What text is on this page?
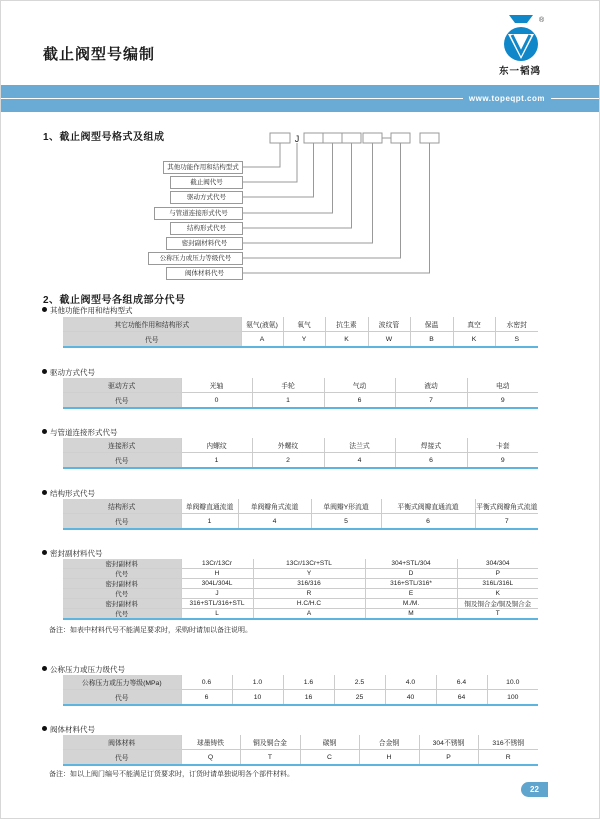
截止阀型号编制
®
东一韬鸿
www.topeqpt.com
1、截止阀型号格式及组成	J
其他功能作用和结构型式
截止阀代号
驱动方式代号
与管道连接形式代号
结构形式代号
密封副材料代号
公称压力或压力等级代号
阀体材料代号
2、截止阀型号各组成部分代号
其他功能作用和结构型式
其它功能作用和结构形式	氨气(液氨)	氧气	抗生素	波纹管	保温	真空	水密封
代号	A	Y	K	W	B	K	S
驱动方式代号
驱动方式	光轴	手轮	气动	液动	电动
代号	0	1	6	7	9
与管道连接形式代号
连接形式	内螺纹	外螺纹	法兰式	焊接式	卡套
代号	1	2	4	6	9
结构形式代号
结构形式	单阀瓣直通流道	单阀瓣角式流道	单阀瓣Y形流道	平衡式阀瓣直通流道	平衡式阀瓣角式流道
代号	1	4	5	6	7
密封副材料代号
密封副材料	13Cr/13Cr	13Cr/13Cr+STL	304+STL/304	304/304
代号	H	Y	D	P
密封副材料	304L/304L	316/316	316+STL/316*	316L/316L
代号	J	R	E	K
密封副材料	316+STL/316+STL	H.C/H.C	M./M.	铜及铜合金/铜及铜合金
代号	L	A	M	T
备注：如表中材料代号不能满足要求时，采购时请加以备注说明。
公称压力或压力级代号
公称压力或压力等级(MPa)	0.6	1.0	1.6	2.5	4.0	6.4	10.0
代号	6	10	16	25	40	64	100
阀体材料代号
阀体材料	球墨铸铁	铜及铜合金	碳钢	合金钢	304不锈钢	316不锈钢
代号	Q	T	C	H	P	R
备注：如以上阀门编号不能满足订货要求时，订货时请单独说明各个部件材料。
22
